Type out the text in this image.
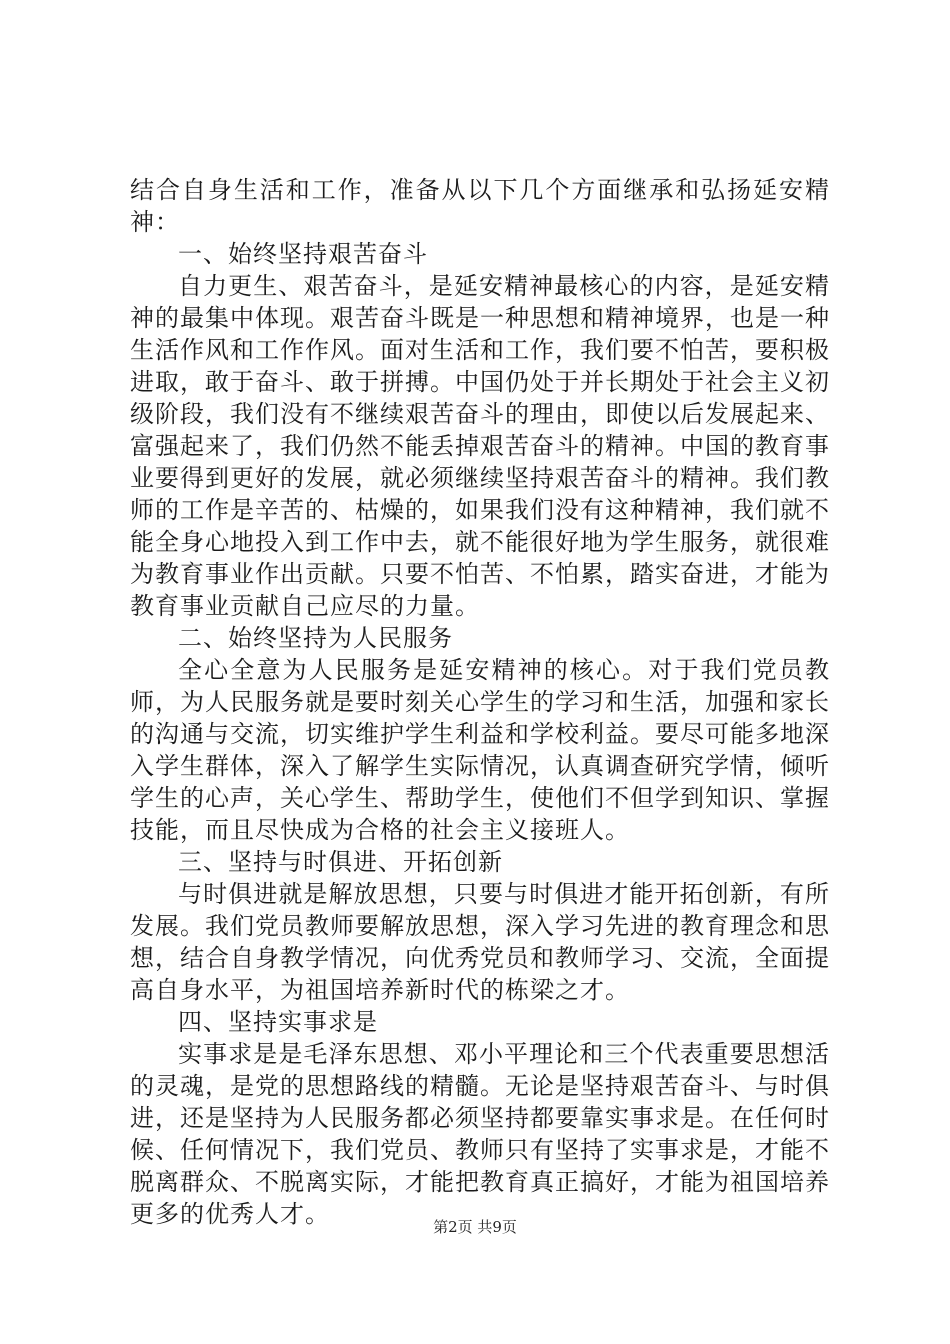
结合自身生活和工作，准备从以下几个方面继承和弘扬延安精神：

一、始终坚持艰苦奋斗

自力更生、艰苦奋斗，是延安精神最核心的内容，是延安精神的最集中体现。艰苦奋斗既是一种思想和精神境界，也是一种生活作风和工作作风。面对生活和工作，我们要不怕苦，要积极进取，敢于奋斗、敢于拼搏。中国仍处于并长期处于社会主义初级阶段，我们没有不继续艰苦奋斗的理由，即使以后发展起来、富强起来了，我们仍然不能丢掉艰苦奋斗的精神。中国的教育事业要得到更好的发展，就必须继续坚持艰苦奋斗的精神。我们教师的工作是辛苦的、枯燥的，如果我们没有这种精神，我们就不能全身心地投入到工作中去，就不能很好地为学生服务，就很难为教育事业作出贡献。只要不怕苦、不怕累，踏实奋进，才能为教育事业贡献自己应尽的力量。

二、始终坚持为人民服务

全心全意为人民服务是延安精神的核心。对于我们党员教师，为人民服务就是要时刻关心学生的学习和生活，加强和家长的沟通与交流，切实维护学生利益和学校利益。要尽可能多地深入学生群体，深入了解学生实际情况，认真调查研究学情，倾听学生的心声，关心学生、帮助学生，使他们不但学到知识、掌握技能，而且尽快成为合格的社会主义接班人。

三、坚持与时俱进、开拓创新

与时俱进就是解放思想，只要与时俱进才能开拓创新，有所发展。我们党员教师要解放思想，深入学习先进的教育理念和思想，结合自身教学情况，向优秀党员和教师学习、交流，全面提高自身水平，为祖国培养新时代的栋梁之才。

四、坚持实事求是

实事求是是毛泽东思想、邓小平理论和三个代表重要思想活的灵魂，是党的思想路线的精髓。无论是坚持艰苦奋斗、与时俱进，还是坚持为人民服务都必须坚持都要靠实事求是。在任何时候、任何情况下，我们党员、教师只有坚持了实事求是，才能不脱离群众、不脱离实际，才能把教育真正搞好，才能为祖国培养更多的优秀人才。	第2页 共9页
